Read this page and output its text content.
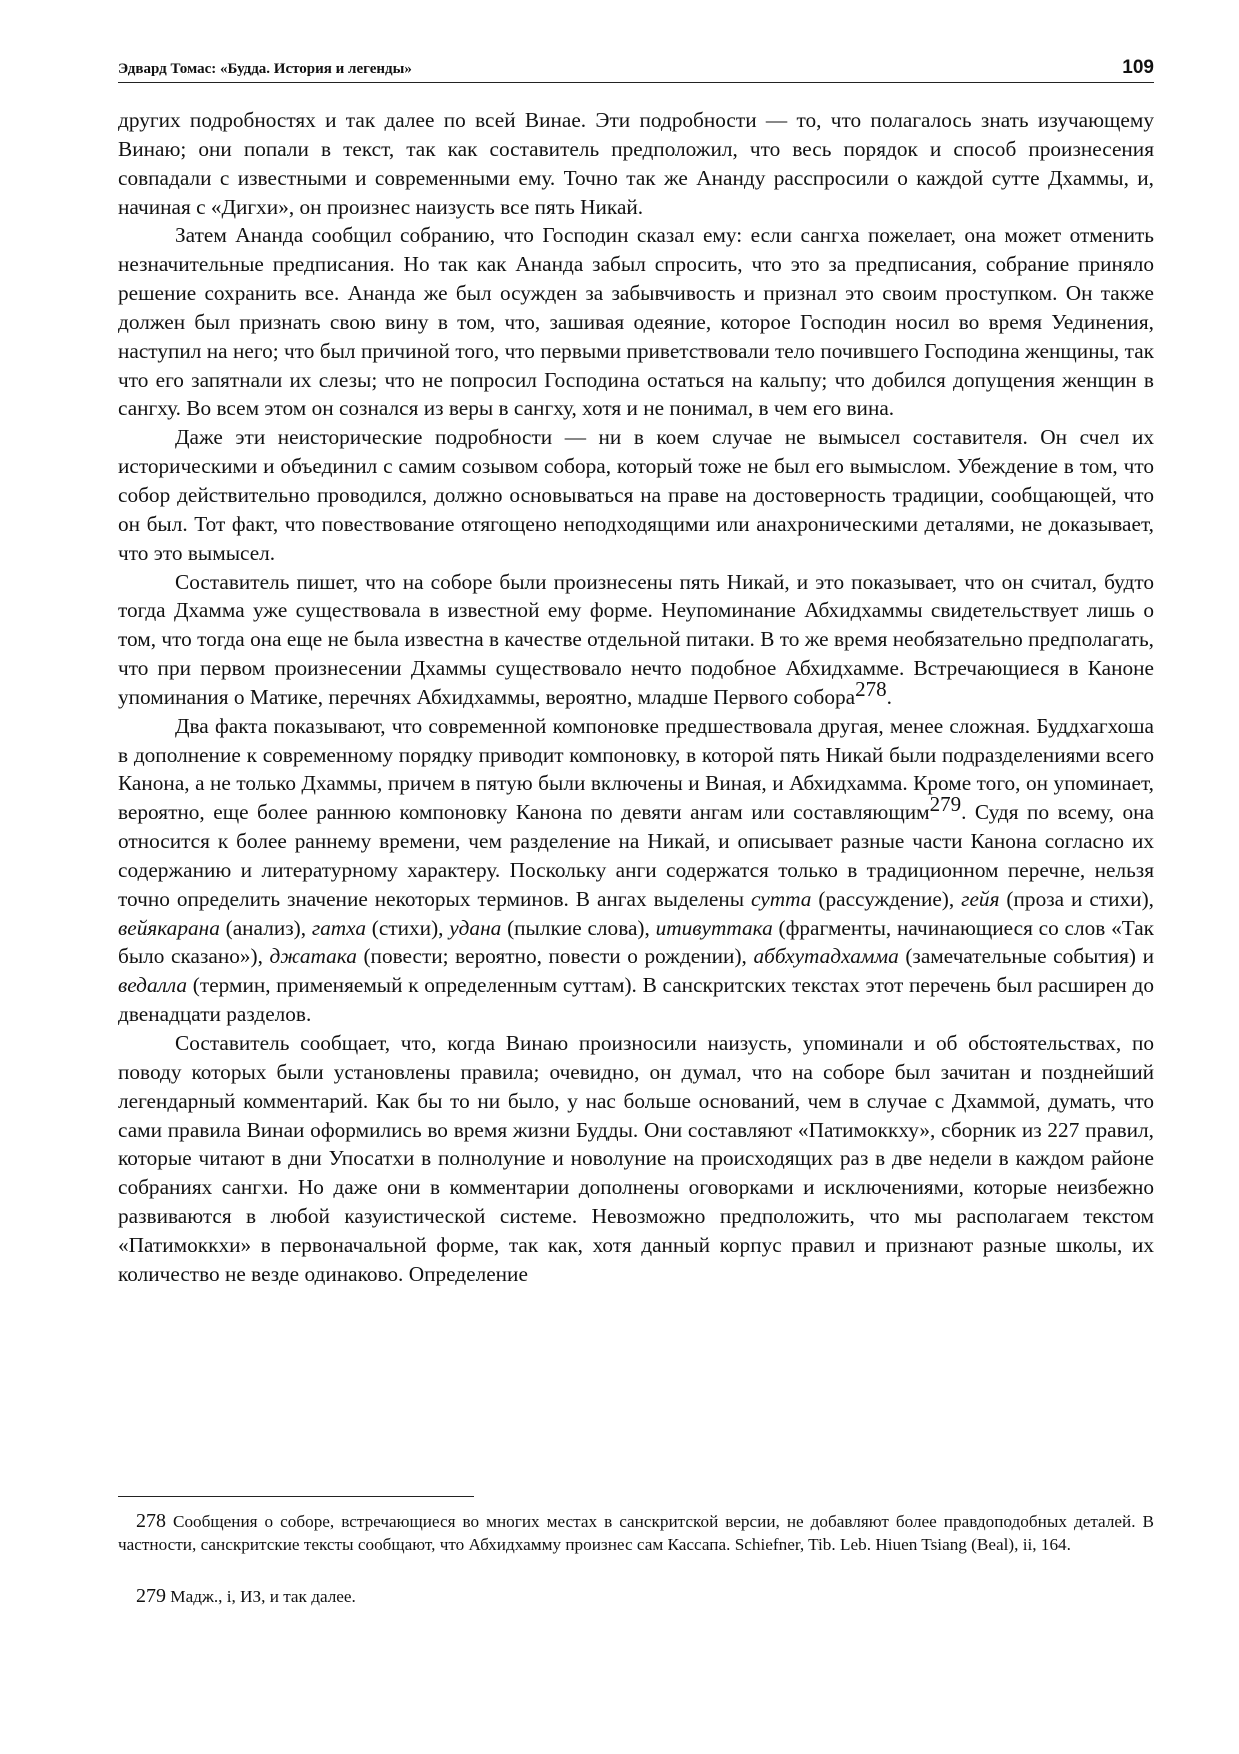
Эдвард Томас: «Будда. История и легенды»	109

других подробностях и так далее по всей Винае. Эти подробности — то, что полагалось знать изучающему Винаю; они попали в текст, так как составитель предположил, что весь порядок и способ произнесения совпадали с известными и современными ему. Точно так же Ананду расспросили о каждой сутте Дхаммы, и, начиная с «Дигхи», он произнес наизусть все пять Никай.

Затем Ананда сообщил собранию, что Господин сказал ему: если сангха пожелает, она может отменить незначительные предписания. Но так как Ананда забыл спросить, что это за предписания, собрание приняло решение сохранить все. Ананда же был осужден за забывчивость и признал это своим проступком. Он также должен был признать свою вину в том, что, зашивая одеяние, которое Господин носил во время Уединения, наступил на него; что был причиной того, что первыми приветствовали тело почившего Господина женщины, так что его запятнали их слезы; что не попросил Господина остаться на кальпу; что добился допущения женщин в сангху. Во всем этом он сознался из веры в сангху, хотя и не понимал, в чем его вина.

Даже эти неисторические подробности — ни в коем случае не вымысел составителя. Он счел их историческими и объединил с самим созывом собора, который тоже не был его вымыслом. Убеждение в том, что собор действительно проводился, должно основываться на праве на достоверность традиции, сообщающей, что он был. Тот факт, что повествование отягощено неподходящими или анахроническими деталями, не доказывает, что это вымысел.

Составитель пишет, что на соборе были произнесены пять Никай, и это показывает, что он считал, будто тогда Дхамма уже существовала в известной ему форме. Неупоминание Абхидхаммы свидетельствует лишь о том, что тогда она еще не была известна в качестве отдельной питаки. В то же время необязательно предполагать, что при первом произнесении Дхаммы существовало нечто подобное Абхидхамме. Встречающиеся в Каноне упоминания о Матике, перечнях Абхидхаммы, вероятно, младше Первого собора278.

Два факта показывают, что современной компоновке предшествовала другая, менее сложная. Буддхагхоша в дополнение к современному порядку приводит компоновку, в которой пять Никай были подразделениями всего Канона, а не только Дхаммы, причем в пятую были включены и Виная, и Абхидхамма. Кроме того, он упоминает, вероятно, еще более раннюю компоновку Канона по девяти ангам или составляющим279. Судя по всему, она относится к более раннему времени, чем разделение на Никай, и описывает разные части Канона согласно их содержанию и литературному характеру. Поскольку анги содержатся только в традиционном перечне, нельзя точно определить значение некоторых терминов. В ангах выделены сутта (рассуждение), гейя (проза и стихи), вейякарана (анализ), гатха (стихи), удана (пылкие слова), итивуттака (фрагменты, начинающиеся со слов «Так было сказано»), джатака (повести; вероятно, повести о рождении), аббхутадхамма (замечательные события) и ведалла (термин, применяемый к определенным суттам). В санскритских текстах этот перечень был расширен до двенадцати разделов.

Составитель сообщает, что, когда Винаю произносили наизусть, упоминали и об обстоятельствах, по поводу которых были установлены правила; очевидно, он думал, что на соборе был зачитан и позднейший легендарный комментарий. Как бы то ни было, у нас больше оснований, чем в случае с Дхаммой, думать, что сами правила Винаи оформились во время жизни Будды. Они составляют «Патимоккху», сборник из 227 правил, которые читают в дни Упосатхи в полнолуние и новолуние на происходящих раз в две недели в каждом районе собраниях сангхи. Но даже они в комментарии дополнены оговорками и исключениями, которые неизбежно развиваются в любой казуистической системе. Невозможно предположить, что мы располагаем текстом «Патимоккхи» в первоначальной форме, так как, хотя данный корпус правил и признают разные школы, их количество не везде одинаково. Определение

278 Сообщения о соборе, встречающиеся во многих местах в санскритской версии, не добавляют более правдоподобных деталей. В частности, санскритские тексты сообщают, что Абхидхамму произнес сам Кассапа. Schiefner, Tib. Leb. Hiuen Tsiang (Beal), ii, 164.

279 Мадж., i, ИЗ, и так далее.
